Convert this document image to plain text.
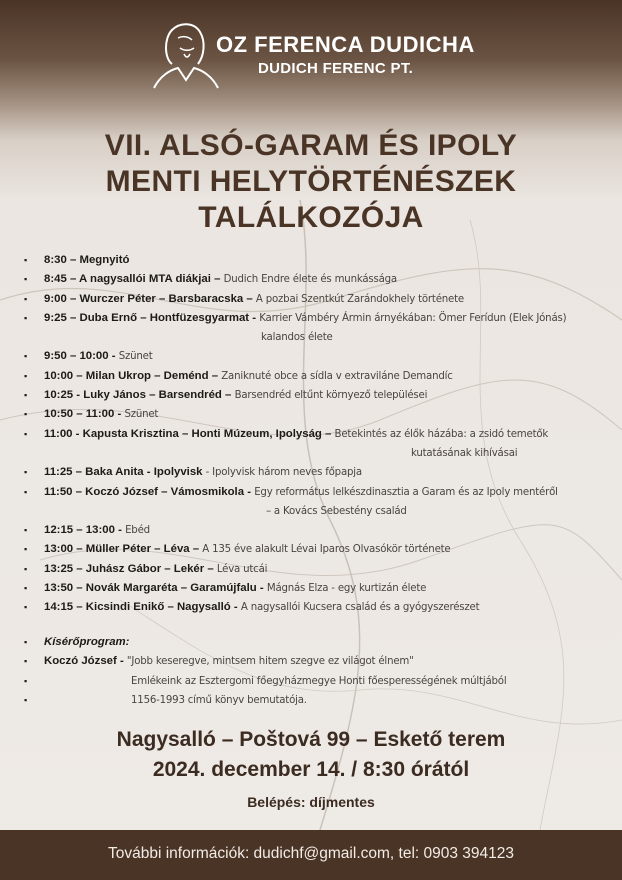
OZ FERENCA DUDICHA
DUDICH FERENC PT.
VII. ALSÓ-GARAM ÉS IPOLY
MENTI HELYTÖRTÉNÉSZEK
TALÁLKOZÓJA
▪ 8:30 – Megnyitó
▪ 8:45 – A nagysallói MTA diákjai – Dudich Endre élete és munkássága
▪ 9:00 – Wurczer Péter – Barsbaracska – A pozbai Szentkút Zarándokhely története
▪ 9:25 – Duba Ernő – Hontfüzesgyarmat - Karrier Vámbéry Ármin árnyékában: Ömer Ferídun (Elek Jónás)
kalandos élete
▪ 9:50 – 10:00 - Szünet
▪ 10:00 – Milan Ukrop – Deménd – Zaniknuté obce a sídla v extraviláne Demandíc
▪ 10:25 - Luky János – Barsendréd – Barsendréd eltűnt környező települései
▪ 10:50 – 11:00 - Szünet
▪ 11:00 - Kapusta Krisztina – Honti Múzeum, Ipolyság – Betekintés az élők házába: a zsidó temetők
kutatásának kihívásai
▪ 11:25 – Baka Anita - Ipolyvisk - Ipolyvisk három neves főpapja
▪ 11:50 – Koczó József – Vámosmikola - Egy református lelkészdinasztia a Garam és az Ipoly mentéről
– a Kovács Sebestény család
▪ 12:15 – 13:00 - Ebéd
▪ 13:00 – Müller Péter – Léva – A 135 éve alakult Lévai Iparos Olvasókör története
▪ 13:25 – Juhász Gábor – Lekér – Léva utcái
▪ 13:50 – Novák Margaréta – Garamújfalu - Mágnás Elza - egy kurtizán élete
▪ 14:15 – Kicsindi Enikő – Nagysalló - A nagysallói Kucsera család és a gyógyszerészet
▪ Kísérőprogram:
▪ Koczó József - "Jobb keseregve, mintsem hitem szegve ez világot élnem"
▪ Emlékeink az Esztergomi főegyházmegye Honti főesperességének múltjából
▪ 1156-1993 című könyv bemutatója.
Nagysalló – Poštová 99 – Eskető terem
2024. december 14. / 8:30 órától
Belépés: díjmentes
További információk: dudichf@gmail.com, tel: 0903 394123
